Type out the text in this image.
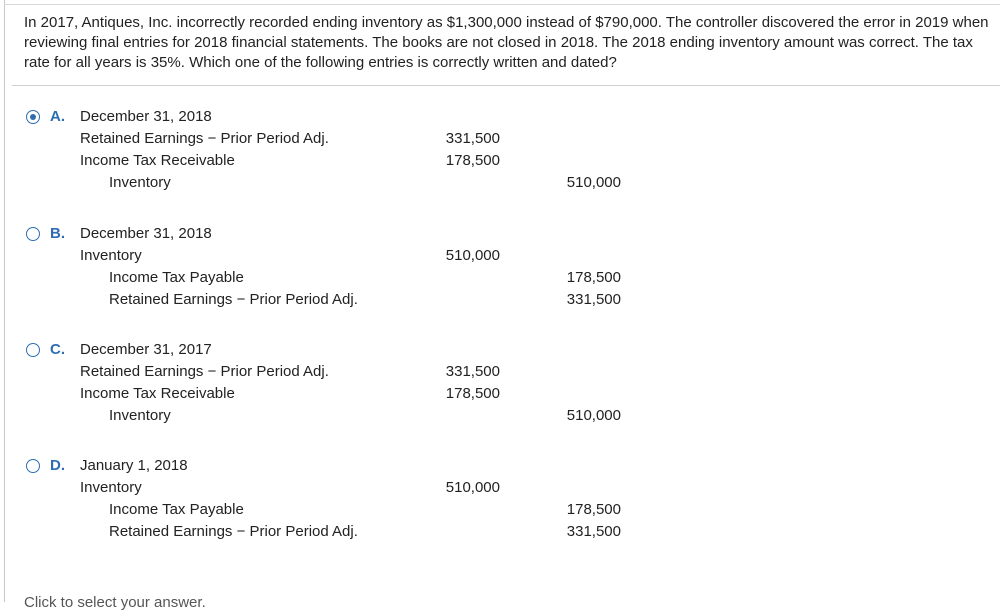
In 2017, Antiques, Inc. incorrectly recorded ending inventory as $1,300,000 instead of $790,000. The controller discovered the error in 2019 when reviewing final entries for 2018 financial statements. The books are not closed in 2018. The 2018 ending inventory amount was correct. The tax rate for all years is 35%. Which one of the following entries is correctly written and dated?
A. December 31, 2018
Retained Earnings − Prior Period Adj.	331,500
Income Tax Receivable	178,500
Inventory	510,000
B. December 31, 2018
Inventory	510,000
Income Tax Payable	178,500
Retained Earnings − Prior Period Adj.	331,500
C. December 31, 2017
Retained Earnings − Prior Period Adj.	331,500
Income Tax Receivable	178,500
Inventory	510,000
D. January 1, 2018
Inventory	510,000
Income Tax Payable	178,500
Retained Earnings − Prior Period Adj.	331,500
Click to select your answer.
